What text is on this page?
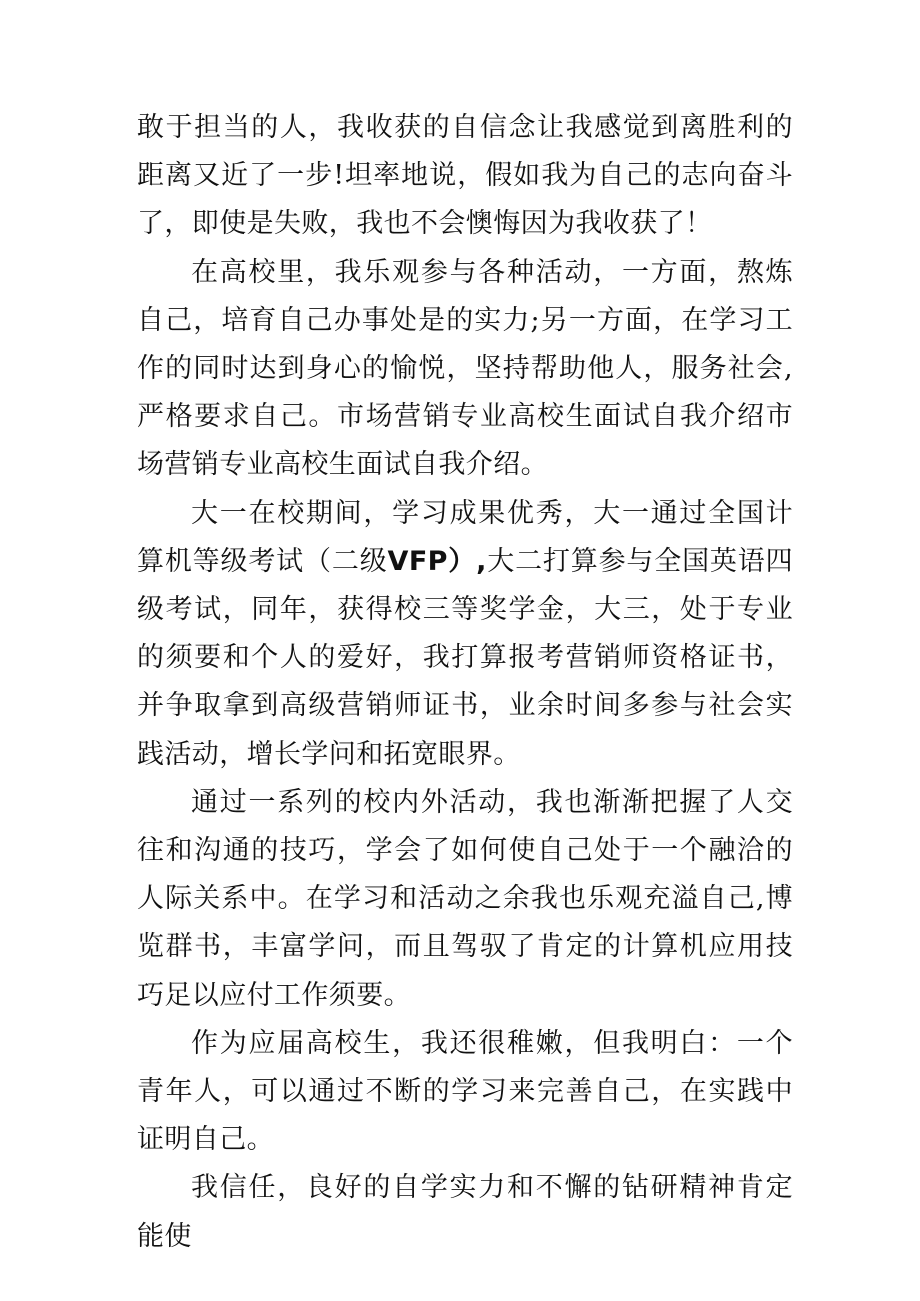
敢于担当的人，我收获的自信念让我感觉到离胜利的距离又近了一步!坦率地说，假如我为自己的志向奋斗了，即使是失败，我也不会懊悔因为我收获了！

在高校里，我乐观参与各种活动，一方面，熬炼自己，培育自己办事处是的实力;另一方面，在学习工作的同时达到身心的愉悦，坚持帮助他人，服务社会,严格要求自己。市场营销专业高校生面试自我介绍市场营销专业高校生面试自我介绍。

大一在校期间，学习成果优秀，大一通过全国计算机等级考试（二级VFP）,大二打算参与全国英语四级考试，同年，获得校三等奖学金，大三，处于专业的须要和个人的爱好，我打算报考营销师资格证书，并争取拿到高级营销师证书，业余时间多参与社会实践活动，增长学问和拓宽眼界。

通过一系列的校内外活动，我也渐渐把握了人交往和沟通的技巧，学会了如何使自己处于一个融洽的人际关系中。在学习和活动之余我也乐观充溢自己,博览群书，丰富学问，而且驾驭了肯定的计算机应用技巧足以应付工作须要。

作为应届高校生，我还很稚嫩，但我明白：一个青年人，可以通过不断的学习来完善自己，在实践中证明自己。

我信任，良好的自学实力和不懈的钻研精神肯定能使
